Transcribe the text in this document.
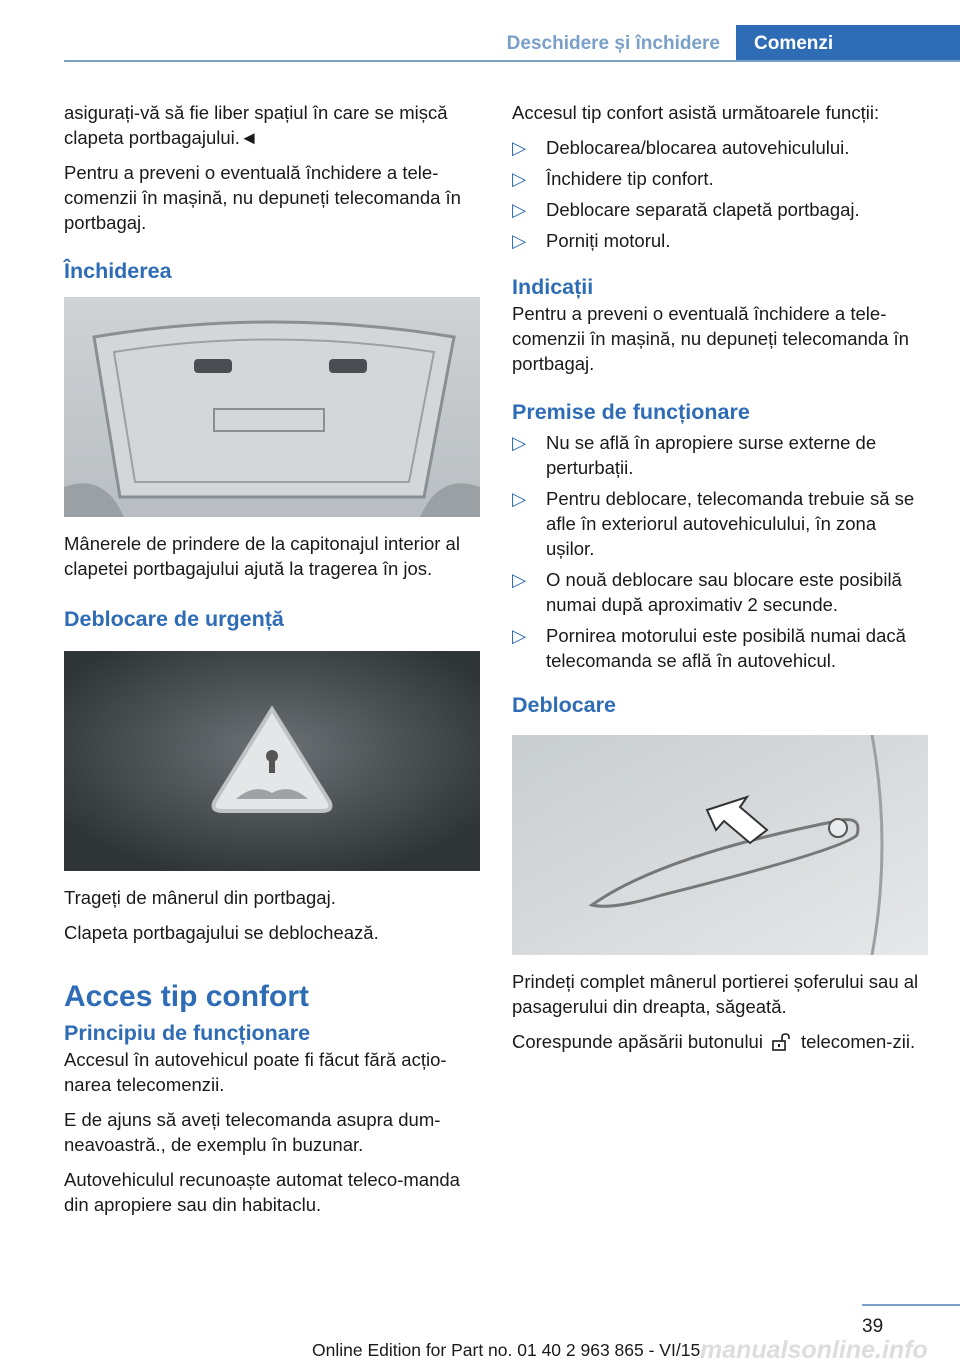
Deschidere și închidere	Comenzi

asigurați-vă să fie liber spațiul în care se mișcă clapeta portbagajului.◄

Pentru a preveni o eventuală închidere a tele‐comenzii în mașină, nu depuneți telecomanda în portbagaj.

Închiderea

Mânerele de prindere de la capitonajul interior al clapetei portbagajului ajută la tragerea în jos.

Deblocare de urgență

Trageți de mânerul din portbagaj.

Clapeta portbagajului se deblochează.

Acces tip confort
Principiu de funcționare

Accesul în autovehicul poate fi făcut fără acțio‐narea telecomenzii.

E de ajuns să aveți telecomanda asupra dum‐neavoastră., de exemplu în buzunar.

Autovehiculul recunoaște automat teleco‐manda din apropiere sau din habitaclu.

Accesul tip confort asistă următoarele funcții:

▷ Deblocarea/blocarea autovehiculului.
▷ Închidere tip confort.
▷ Deblocare separată clapetă portbagaj.
▷ Porniți motorul.
Indicații

Pentru a preveni o eventuală închidere a tele‐comenzii în mașină, nu depuneți telecomanda în portbagaj.

Premise de funcționare
▷ Nu se află în apropiere surse externe de perturbații.
▷ Pentru deblocare, telecomanda trebuie să se afle în exteriorul autovehiculului, în zona ușilor.
▷ O nouă deblocare sau blocare este posibilă numai după aproximativ 2 secunde.
▷ Pornirea motorului este posibilă numai dacă telecomanda se află în autovehicul.
Deblocare

Prindeți complet mânerul portierei șoferului sau al pasagerului din dreapta, săgeată.

Corespunde apăsării butonului telecomen‐zii.

39
Online Edition for Part no. 01 40 2 963 865 - VI/15 manualsonline.info
